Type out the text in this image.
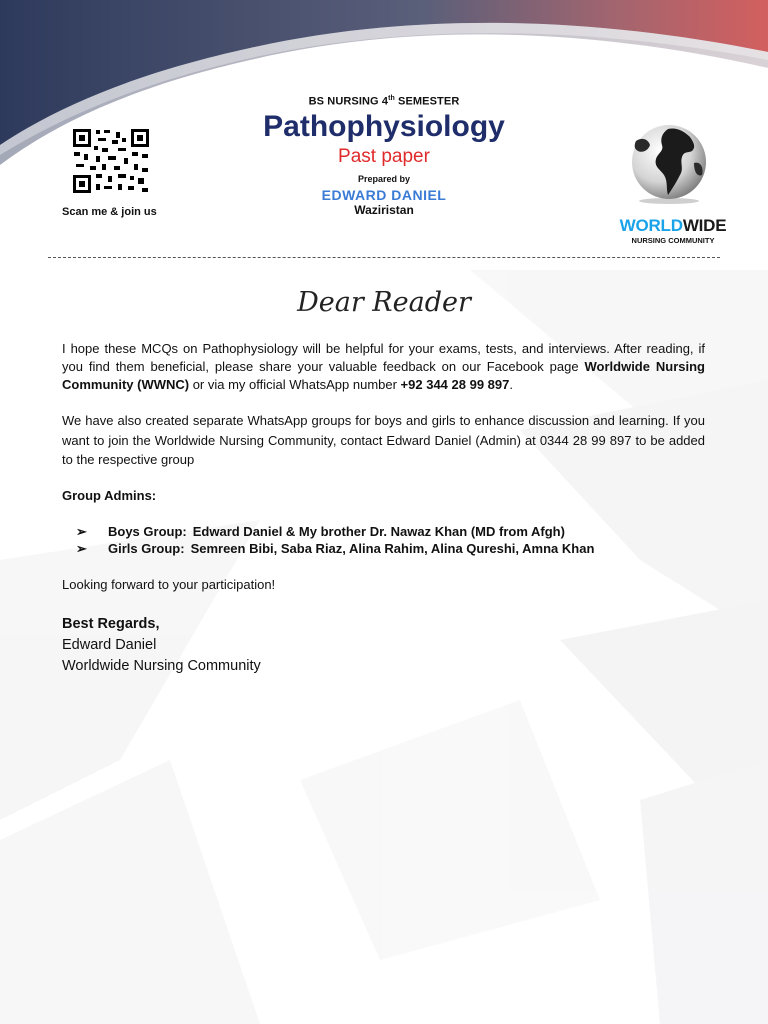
Scan me & join us
BS NURSING 4th SEMESTER
Pathophysiology
Past paper
Prepared by
EDWARD DANIEL
Waziristan
WORLDWIDE
NURSING COMMUNITY
Dear Reader

I hope these MCQs on Pathophysiology will be helpful for your exams, tests, and interviews. After reading, if you find them beneficial, please share your valuable feedback on our Facebook page Worldwide Nursing Community (WWNC) or via my official WhatsApp number +92 344 28 99 897.

We have also created separate WhatsApp groups for boys and girls to enhance discussion and learning. If you want to join the Worldwide Nursing Community, contact Edward Daniel (Admin) at 0344 28 99 897 to be added to the respective group

Group Admins:
➢	Boys Group: Edward Daniel & My brother Dr. Nawaz Khan (MD from Afgh)
➢	Girls Group: Semreen Bibi, Saba Riaz, Alina Rahim, Alina Qureshi, Amna Khan
Looking forward to your participation!
Best Regards,
Edward Daniel
Worldwide Nursing Community
